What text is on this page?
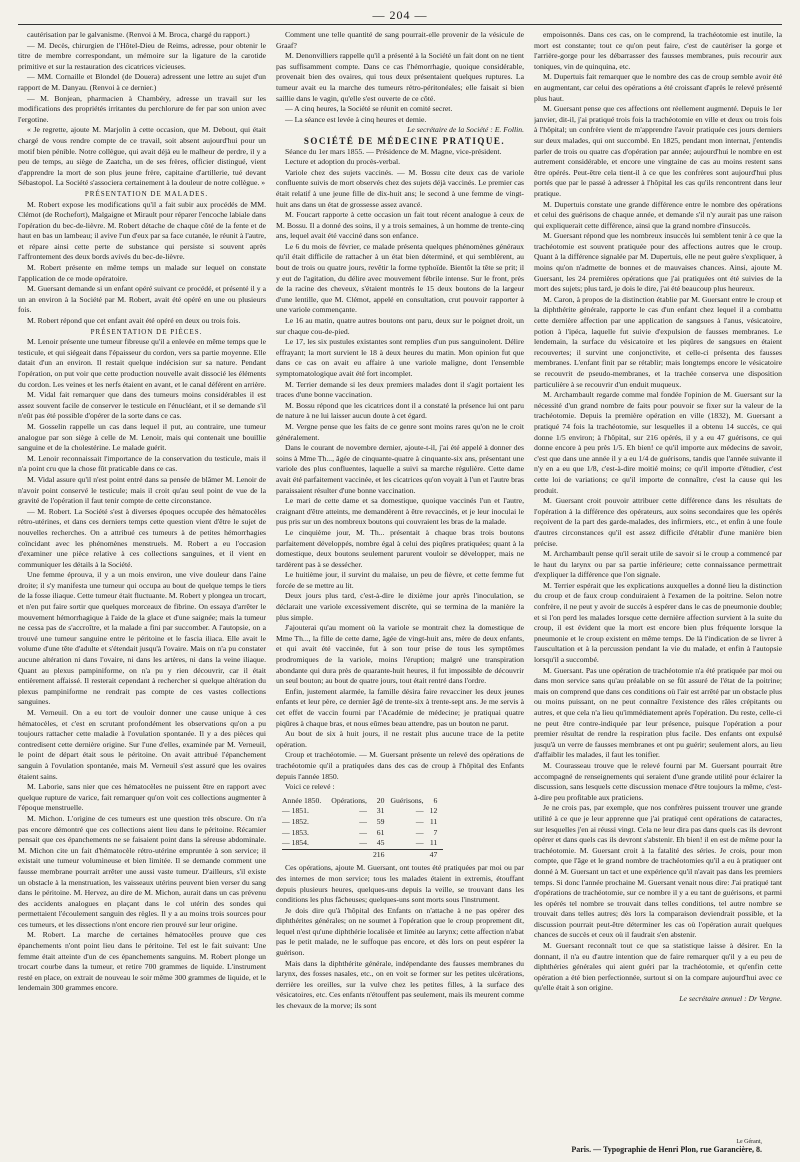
— 204 —

cautérisation par le galvanisme. (Renvoi à M. Broca, chargé du rapport.)

— M. Decès, chirurgien de l'Hôtel-Dieu de Reims, adresse, pour obtenir le titre de membre correspondant, un mémoire sur la ligature de la carotide primitive et sur la restauration des cicatrices vicieuses.

— MM. Cornaille et Blondel (de Douera) adressent une lettre au sujet d'un rapport de M. Danyau. (Renvoi à ce dernier.)

— M. Bonjean, pharmacien à Chambéry, adresse un travail sur les modifications des propriétés irritantes du perchlorure de fer par son union avec l'ergotine.

« Je regrette, ajoute M. Marjolin à cette occasion, que M. Debout, qui était chargé de vous rendre compte de ce travail, soit absent aujourd'hui pour un motif bien pénible. Notre collègue, qui avait déjà eu le malheur de perdre, il y a peu de temps, au siège de Zaatcha, un de ses frères, officier distingué, vient d'apprendre la mort de son plus jeune frère, capitaine d'artillerie, tué devant Sébastopol. La Société s'associera certainement à la douleur de notre collègue. »

PRÉSENTATION DE MALADES.

M. Robert expose les modifications qu'il a fait subir aux procédés de MM. Clémot (de Rochefort), Malgaigne et Mirault pour réparer l'encoche labiale dans l'opération du bec-de-lièvre. M. Robert détache de chaque côté de la fente et de haut en bas un lambeau; il avive l'un d'eux par sa face cutanée, le réunit à l'autre, et répare ainsi cette perte de substance qui persiste si souvent après l'affrontement des deux bords avivés du bec-de-lièvre.

M. Robert présente en même temps un malade sur lequel on constate l'application de ce mode opératoire.

M. Guersant demande si un enfant opéré suivant ce procédé, et présenté il y a un an environ à la Société par M. Robert, avait été opéré en une ou plusieurs fois.

M. Robert répond que cet enfant avait été opéré en deux ou trois fois.

PRÉSENTATION DE PIÈCES.

M. Lenoir présente une tumeur fibreuse qu'il a enlevée en même temps que le testicule, et qui siégeait dans l'épaisseur du cordon, vers sa partie moyenne. Elle datait d'un an environ. Il restait quelque indécision sur sa nature. Pendant l'opération, on put voir que cette production nouvelle avait dissocié les éléments du cordon. Les veines et les nerfs étaient en avant, et le canal déférent en arrière.

M. Vidal fait remarquer que dans des tumeurs moins considérables il est assez souvent facile de conserver le testicule en l'énucléant, et il se demande s'il n'eût pas été possible d'opérer de la sorte dans ce cas.

M. Gosselin rappelle un cas dans lequel il put, au contraire, une tumeur analogue par son siège à celle de M. Lenoir, mais qui contenait une bouillie sanguine et de la cholestérine. Le malade guérit.

M. Lenoir reconnaissait l'importance de la conservation du testicule, mais il n'a point cru que la chose fût praticable dans ce cas.

M. Vidal assure qu'il n'est point entré dans sa pensée de blâmer M. Lenoir de n'avoir point conservé le testicule; mais il croit qu'au seul point de vue de la gravité de l'opération il faut tenir compte de cette circonstance.

— M. Robert. La Société s'est à diverses époques occupée des hématocèles rétro-utérines, et dans ces derniers temps cette question vient d'être le sujet de nouvelles recherches. On a attribué ces tumeurs à de petites hémorrhagies coïncidant avec les phénomènes menstruels. M. Robert a eu l'occasion d'examiner une pièce relative à ces collections sanguines, et il vient en communiquer les détails à la Société.

Une femme éprouva, il y a un mois environ, une vive douleur dans l'aine droite; il s'y manifesta une tumeur qui occupa au bout de quelque temps le tiers de la fosse iliaque. Cette tumeur était fluctuante. M. Robert y plongea un trocart, et n'en put faire sortir que quelques morceaux de fibrine. On essaya d'arrêter le mouvement hémorrhagique à l'aide de la glace et d'une saignée; mais la tumeur ne cessa pas de s'accroître, et la malade a fini par succomber. A l'autopsie, on a trouvé une tumeur sanguine entre le péritoine et le fascia iliaca. Elle avait le volume d'une tête d'adulte et s'étendait jusqu'à l'ovaire. Mais on n'a pu constater aucune altération ni dans l'ovaire, ni dans les artères, ni dans la veine iliaque. Quant au plexus pampiniforme, on n'a pu y rien découvrir, car il était entièrement affaissé. Il resterait cependant à rechercher si quelque altération du plexus pampiniforme ne rendrait pas compte de ces vastes collections sanguines.

M. Verneuil. On a eu tort de vouloir donner une cause unique à ces hématocèles, et c'est en scrutant profondément les observations qu'on a pu toujours rattacher cette maladie à l'ovulation spontanée. Il y a des pièces qui contredisent cette dernière origine. Sur l'une d'elles, examinée par M. Verneuil, le point de départ était sous le péritoine. On avait attribué l'épanchement sanguin à l'ovulation spontanée, mais M. Verneuil s'est assuré que les ovaires étaient sains.

M. Laborie, sans nier que ces hématocèles ne puissent être en rapport avec quelque rupture de varice, fait remarquer qu'on voit ces collections augmenter à l'époque menstruelle.

M. Michon. L'origine de ces tumeurs est une question très obscure. On n'a pas encore démontré que ces collections aient lieu dans le péritoine. Récamier pensait que ces épanchements ne se faisaient point dans la séreuse abdominale. M. Michon cite un fait d'hématocèle rétro-utérine empruntée à son service; il existait une tumeur volumineuse et bien limitée. Il se demande comment une fausse membrane pourrait arrêter une aussi vaste tumeur. D'ailleurs, s'il existe un obstacle à la menstruation, les vaisseaux utérins peuvent bien verser du sang dans le péritoine. M. Hervez, au dire de M. Michon, aurait dans un cas prévenu des accidents analogues en plaçant dans le col utérin des sondes qui permettaient l'écoulement sanguin des règles. Il y a au moins trois sources pour ces tumeurs, et les dissections n'ont encore rien prouvé sur leur origine.

M. Robert. La marche de certaines hématocèles prouve que ces épanchements n'ont point lieu dans le péritoine. Tel est le fait suivant: Une femme était atteinte d'un de ces épanchements sanguins. M. Robert plonge un trocart courbe dans la tumeur, et retire 700 grammes de liquide. L'instrument resté en place, on extrait de nouveau le soir même 300 grammes de liquide, et le lendemain 300 grammes encore.

Comment une telle quantité de sang pourrait-elle provenir de la vésicule de Graaf?

M. Denonvilliers rappelle qu'il a présenté à la Société un fait dont on ne tient pas suffisamment compte. Dans ce cas l'hémorrhagie, quoique considérable, provenait bien des ovaires, qui tous deux présentaient quelques ruptures. La tumeur avait eu la marche des tumeurs rétro-péritonéales; elle faisait si bien saillie dans le vagin, qu'elle s'est ouverte de ce côté.

— A cinq heures, la Société se réunit en comité secret.

— La séance est levée à cinq heures et demie.

Le secrétaire de la Société : E. Follin.

SOCIÉTÉ DE MÉDECINE PRATIQUE.

Séance du 1er mars 1855. — Présidence de M. Magne, vice-président.

Lecture et adoption du procès-verbal.

Variole chez des sujets vaccinés. — M. Bossu cite deux cas de variole confluente suivis de mort observés chez des sujets déjà vaccinés. Le premier cas était relatif à une jeune fille de dix-huit ans; le second à une femme de vingt-huit ans dans un état de grossesse assez avancé.

M. Foucart rapporte à cette occasion un fait tout récent analogue à ceux de M. Bossu. Il a donné des soins, il y a trois semaines, à un homme de trente-cinq ans, lequel avait été vacciné dans son enfance.

Le 6 du mois de février, ce malade présenta quelques phénomènes généraux qu'il était difficile de rattacher à un état bien déterminé, et qui semblèrent, au bout de trois ou quatre jours, revêtir la forme typhoïde. Bientôt la tête se prit; il y eut de l'agitation, du délire avec mouvement fébrile intense. Sur le front, près de la racine des cheveux, s'étaient montrés le 15 deux boutons de la largeur d'une lentille, que M. Clémot, appelé en consultation, crut pouvoir rapporter à une variole commençante.

Le 16 au matin, quatre autres boutons ont paru, deux sur le poignet droit, un sur chaque cou-de-pied.

Le 17, les six pustules existantes sont remplies d'un pus sanguinolent. Délire effrayant; la mort survient le 18 à deux heures du matin. Mon opinion fut que dans ce cas on avait eu affaire à une variole maligne, dont l'ensemble symptomatologique avait été fort incomplet.

M. Terrier demande si les deux premiers malades dont il s'agit portaient les traces d'une bonne vaccination.

M. Bossu répond que les cicatrices dont il a constaté la présence lui ont paru de nature à ne lui laisser aucun doute à cet égard.

M. Vergne pense que les faits de ce genre sont moins rares qu'on ne le croit généralement.

Dans le courant de novembre dernier, ajoute-t-il, j'ai été appelé à donner des soins à Mme Th..., âgée de cinquante-quatre à cinquante-six ans, présentant une variole des plus confluentes, laquelle a suivi sa marche régulière. Cette dame avait été parfaitement vaccinée, et les cicatrices qu'on voyait à l'un et l'autre bras paraissaient résulter d'une bonne vaccination.

Le mari de cette dame et sa domestique, quoique vaccinés l'un et l'autre, craignant d'être atteints, me demandèrent à être revaccinés, et je leur inoculai le pus pris sur un des nombreux boutons qui couvraient les bras de la malade.

Le cinquième jour, M. Th... présentait à chaque bras trois boutons parfaitement développés, nombre égal à celui des piqûres pratiquées; quant à la domestique, deux boutons seulement parurent vouloir se développer, mais ne tardèrent pas à se dessécher.

Le huitième jour, il survint du malaise, un peu de fièvre, et cette femme fut forcée de se mettre au lit.

Deux jours plus tard, c'est-à-dire le dixième jour après l'inoculation, se déclarait une variole excessivement discrète, qui se termina de la manière la plus simple.

J'ajouterai qu'au moment où la variole se montrait chez la domestique de Mme Th..., la fille de cette dame, âgée de vingt-huit ans, mère de deux enfants, et qui avait été vaccinée, fut à son tour prise de tous les symptômes prodromiques de la variole, moins l'éruption; malgré une transpiration abondante qui dura près de quarante-huit heures, il fut impossible de découvrir un seul bouton; au bout de quatre jours, tout était rentré dans l'ordre.

Enfin, justement alarmée, la famille désira faire revacciner les deux jeunes enfants et leur père, ce dernier âgé de trente-six à trente-sept ans. Je me servis à cet effet de vaccin fourni par l'Académie de médecine; je pratiquai quatre piqûres à chaque bras, et nous eûmes beau attendre, pas un bouton ne parut.

Au bout de six à huit jours, il ne restait plus aucune trace de la petite opération.

Croup et trachéotomie. — M. Guersant présente un relevé des opérations de trachéotomie qu'il a pratiquées dans des cas de croup à l'hôpital des Enfants depuis l'année 1850.

Voici ce relevé :

Année 1850.	Opérations,	20	Guérisons,	6
— 1851.	—	31	—	12
— 1852.	—	59	—	11
— 1853.	—	61	—	7
— 1854.	—	45	—	11
		216		47

Ces opérations, ajoute M. Guersant, ont toutes été pratiquées par moi ou par des internes de mon service; tous les malades étaient in extremis, étouffant depuis plusieurs heures, quelques-uns depuis la veille, se trouvant dans les conditions les plus fâcheuses; quelques-uns sont morts sous l'instrument.

Je dois dire qu'à l'hôpital des Enfants on n'attache à ne pas opérer des diphthérites générales; on ne soumet à l'opération que le croup proprement dit, lequel n'est qu'une diphthérie localisée et limitée au larynx; cette affection n'abat pas le petit malade, ne le suffoque pas encore, et dès lors on peut espérer la guérison.

Mais dans la diphthérite générale, indépendante des fausses membranes du larynx, des fosses nasales, etc., on en voit se former sur les petites ulcérations, derrière les oreilles, sur la vulve chez les petites filles, à la surface des vésicatoires, etc. Ces enfants n'étouffent pas seulement, mais ils meurent comme les chevaux de la morve; ils sont

empoisonnés. Dans ces cas, on le comprend, la trachéotomie est inutile, la mort est constante; tout ce qu'on peut faire, c'est de cautériser la gorge et l'arrière-gorge pour les débarrasser des fausses membranes, puis recourir aux toniques, vin de quinquina, etc.

M. Dupertuis fait remarquer que le nombre des cas de croup semble avoir été en augmentant, car celui des opérations a été croissant d'après le relevé présenté plus haut.

M. Guersant pense que ces affections ont réellement augmenté. Depuis le 1er janvier, dit-il, j'ai pratiqué trois fois la trachéotomie en ville et deux ou trois fois à l'hôpital; un confrère vient de m'apprendre l'avoir pratiquée ces jours derniers sur deux malades, qui ont succombé. En 1825, pendant mon internat, j'entendis parler de trois ou quatre cas d'opération par année; aujourd'hui le nombre en est autrement considérable, et encore une vingtaine de cas au moins restent sans être opérés. Peut-être cela tient-il à ce que les confrères sont aujourd'hui plus portés que par le passé à adresser à l'hôpital les cas qu'ils rencontrent dans leur pratique.

M. Dupertuis constate une grande différence entre le nombre des opérations et celui des guérisons de chaque année, et demande s'il n'y aurait pas une raison qui expliquerait cette différence, ainsi que la grand nombre d'insuccès.

M. Guersant répond que les nombreux insuccès lui semblent tenir à ce que la trachéotomie est souvent pratiquée pour des affections autres que le croup. Quant à la différence signalée par M. Dupertuis, elle ne peut guère s'expliquer, à moins qu'on n'admette de bonnes et de mauvaises chances. Ainsi, ajoute M. Guersant, les 24 premières opérations que j'ai pratiquées ont été suivies de la mort des sujets; plus tard, je dois le dire, j'ai été beaucoup plus heureux.

M. Caron, à propos de la distinction établie par M. Guersant entre le croup et la diphthérite générale, rapporte le cas d'un enfant chez lequel il a combattu cette dernière affection par une application de sangsues à l'anus, vésicatoire, potion à l'ipéca, laquelle fut suivie d'expulsion de fausses membranes. Le lendemain, la surface du vésicatoire et les piqûres de sangsues en étaient recouvertes; il survint une conjonctivite, et celle-ci présenta des fausses membranes. L'enfant finit par se rétablir; mais longtemps encore le vésicatoire se recouvrit de pseudo-membranes, et la trachée conserva une disposition particulière à se recouvrir d'un enduit muqueux.

M. Archambault regarde comme mal fondée l'opinion de M. Guersant sur la nécessité d'un grand nombre de faits pour pouvoir se fixer sur la valeur de la trachéotomie. Depuis la première opération en ville (1832), M. Guersant a pratiqué 74 fois la trachéotomie, sur lesquelles il a obtenu 14 succès, ce qui donne 1/5 environ; à l'hôpital, sur 216 opérés, il y a eu 47 guérisons, ce qui donne encore à peu près 1/5. Eh bien! ce qu'il importe aux médecins de savoir, c'est que dans une année il y a eu 1/4 de guérisons, tandis que l'année suivante il n'y en a eu que 1/8, c'est-à-dire moitié moins; ce qu'il importe d'étudier, c'est cette loi de variations; ce qu'il importe de connaître, c'est la cause qui les produit.

M. Guersant croit pouvoir attribuer cette différence dans les résultats de l'opération à la différence des opérateurs, aux soins secondaires que les opérés reçoivent de la part des garde-malades, des infirmiers, etc., et enfin à une foule d'autres circonstances qu'il est assez difficile d'établir d'une manière bien précise.

M. Archambault pense qu'il serait utile de savoir si le croup a commencé par le haut du larynx ou par sa partie inférieure; cette connaissance permettrait d'expliquer la différence que l'on signale.

M. Terrier espérait que les explications auxquelles a donné lieu la distinction du croup et de faux croup conduiraient à l'examen de la poitrine. Selon notre confrère, il ne peut y avoir de succès à espérer dans le cas de pneumonie double; et si l'on perd les malades lorsque cette dernière affection survient à la suite du croup, il est évident que la mort est encore bien plus fréquente lorsque la pneumonie et le croup existent en même temps. De là l'indication de se livrer à l'auscultation et à la percussion pendant la vie du malade, et enfin à l'autopsie lorsqu'il a succombé.

M. Guersant. Pas une opération de trachéotomie n'a été pratiquée par moi ou dans mon service sans qu'au préalable on se fût assuré de l'état de la poitrine; mais on comprend que dans ces conditions où l'air est arrêté par un obstacle plus ou moins puissant, on ne peut connaître l'existence des râles crépitants ou autres, et que cela n'a lieu qu'immédiatement après l'opération. Du reste, celle-ci ne peut être contre-indiquée par leur présence, puisque l'opération a pour premier résultat de rendre la respiration plus facile. Des enfants ont expulsé jusqu'à un verre de fausses membranes et ont pu guérir; seulement alors, au lieu d'affaiblir les malades, il faut les tonifier.

M. Courasseau trouve que le relevé fourni par M. Guersant pourrait être accompagné de renseignements qui seraient d'une grande utilité pour éclairer la discussion, sans lesquels cette discussion menace d'être toujours la même, c'est-à-dire peu profitable aux praticiens.

Je ne crois pas, par exemple, que nos confrères puissent trouver une grande utilité à ce que je leur apprenne que j'ai pratiqué cent opérations de cataractes, sur lesquelles j'en ai réussi vingt. Cela ne leur dira pas dans quels cas ils devront opérer et dans quels cas ils devront s'abstenir. Eh bien! il en est de même pour la trachéotomie. M. Guersant croit à la fatalité des séries. Je crois, pour mon compte, que l'âge et le grand nombre de trachéotomies qu'il a eu à pratiquer ont donné à M. Guersant un tact et une expérience qu'il n'avait pas dans les premiers temps. Si donc l'année prochaine M. Guersant venait nous dire: J'ai pratiqué tant d'opérations de trachéotomie, sur ce nombre il y a eu tant de guérisons, et parmi les opérés tel nombre se trouvait dans telles conditions, tel autre nombre se trouvait dans telles autres; dès lors la comparaison deviendrait possible, et la discussion pourrait peut-être déterminer les cas où l'opération aurait quelques chances de succès et ceux où il faudrait s'en abstenir.

M. Guersant reconnaît tout ce que sa statistique laisse à désirer. En la donnant, il n'a eu d'autre intention que de faire remarquer qu'il y a eu peu de diphthéries générales qui aient guéri par la trachéotomie, et qu'enfin cette opération a été bien perfectionnée, surtout si on la compare aujourd'hui avec ce qu'elle était à son origine.

Le secrétaire annuel : Dr Vergne.

Le Gérant,
Paris. — Typographie de Henri Plon, rue Garancière, 8.
